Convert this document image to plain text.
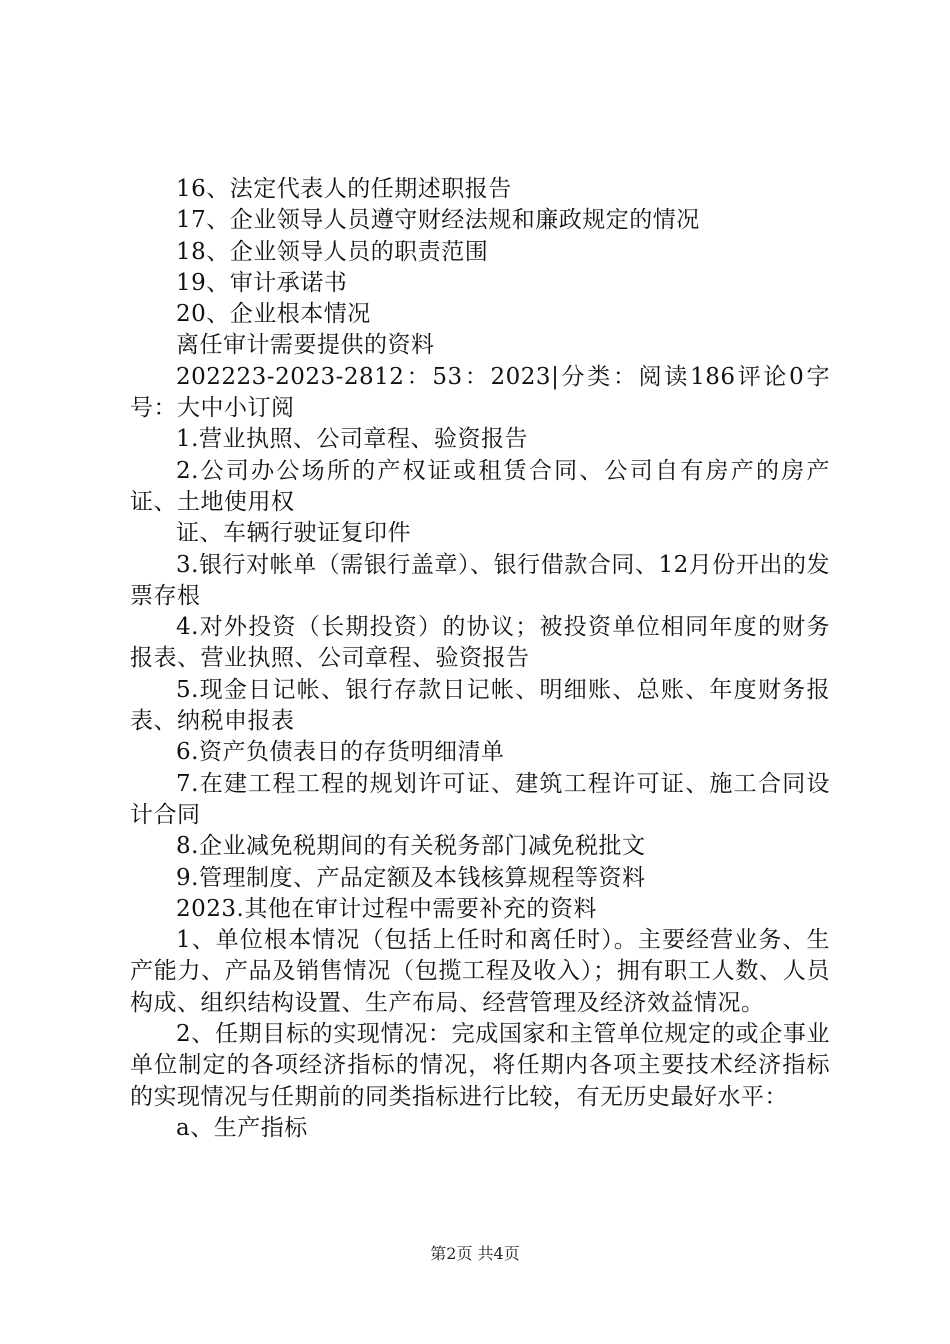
16、法定代表人的任期述职报告

17、企业领导人员遵守财经法规和廉政规定的情况

18、企业领导人员的职责范围

19、审计承诺书

20、企业根本情况

离任审计需要提供的资料

202223-2023-2812：53：2023|分类：阅读186评论0字号：大中小订阅

1.营业执照、公司章程、验资报告

2.公司办公场所的产权证或租赁合同、公司自有房产的房产证、土地使用权

证、车辆行驶证复印件

3.银行对帐单（需银行盖章）、银行借款合同、12月份开出的发票存根

4.对外投资（长期投资）的协议；被投资单位相同年度的财务报表、营业执照、公司章程、验资报告

5.现金日记帐、银行存款日记帐、明细账、总账、年度财务报表、纳税申报表

6.资产负债表日的存货明细清单

7.在建工程工程的规划许可证、建筑工程许可证、施工合同设计合同

8.企业减免税期间的有关税务部门减免税批文

9.管理制度、产品定额及本钱核算规程等资料

2023.其他在审计过程中需要补充的资料

1、单位根本情况（包括上任时和离任时）。主要经营业务、生产能力、产品及销售情况（包揽工程及收入）；拥有职工人数、人员构成、组织结构设置、生产布局、经营管理及经济效益情况。

2、任期目标的实现情况：完成国家和主管单位规定的或企事业单位制定的各项经济指标的情况，将任期内各项主要技术经济指标的实现情况与任期前的同类指标进行比较，有无历史最好水平：

a、生产指标

第2页 共4页
